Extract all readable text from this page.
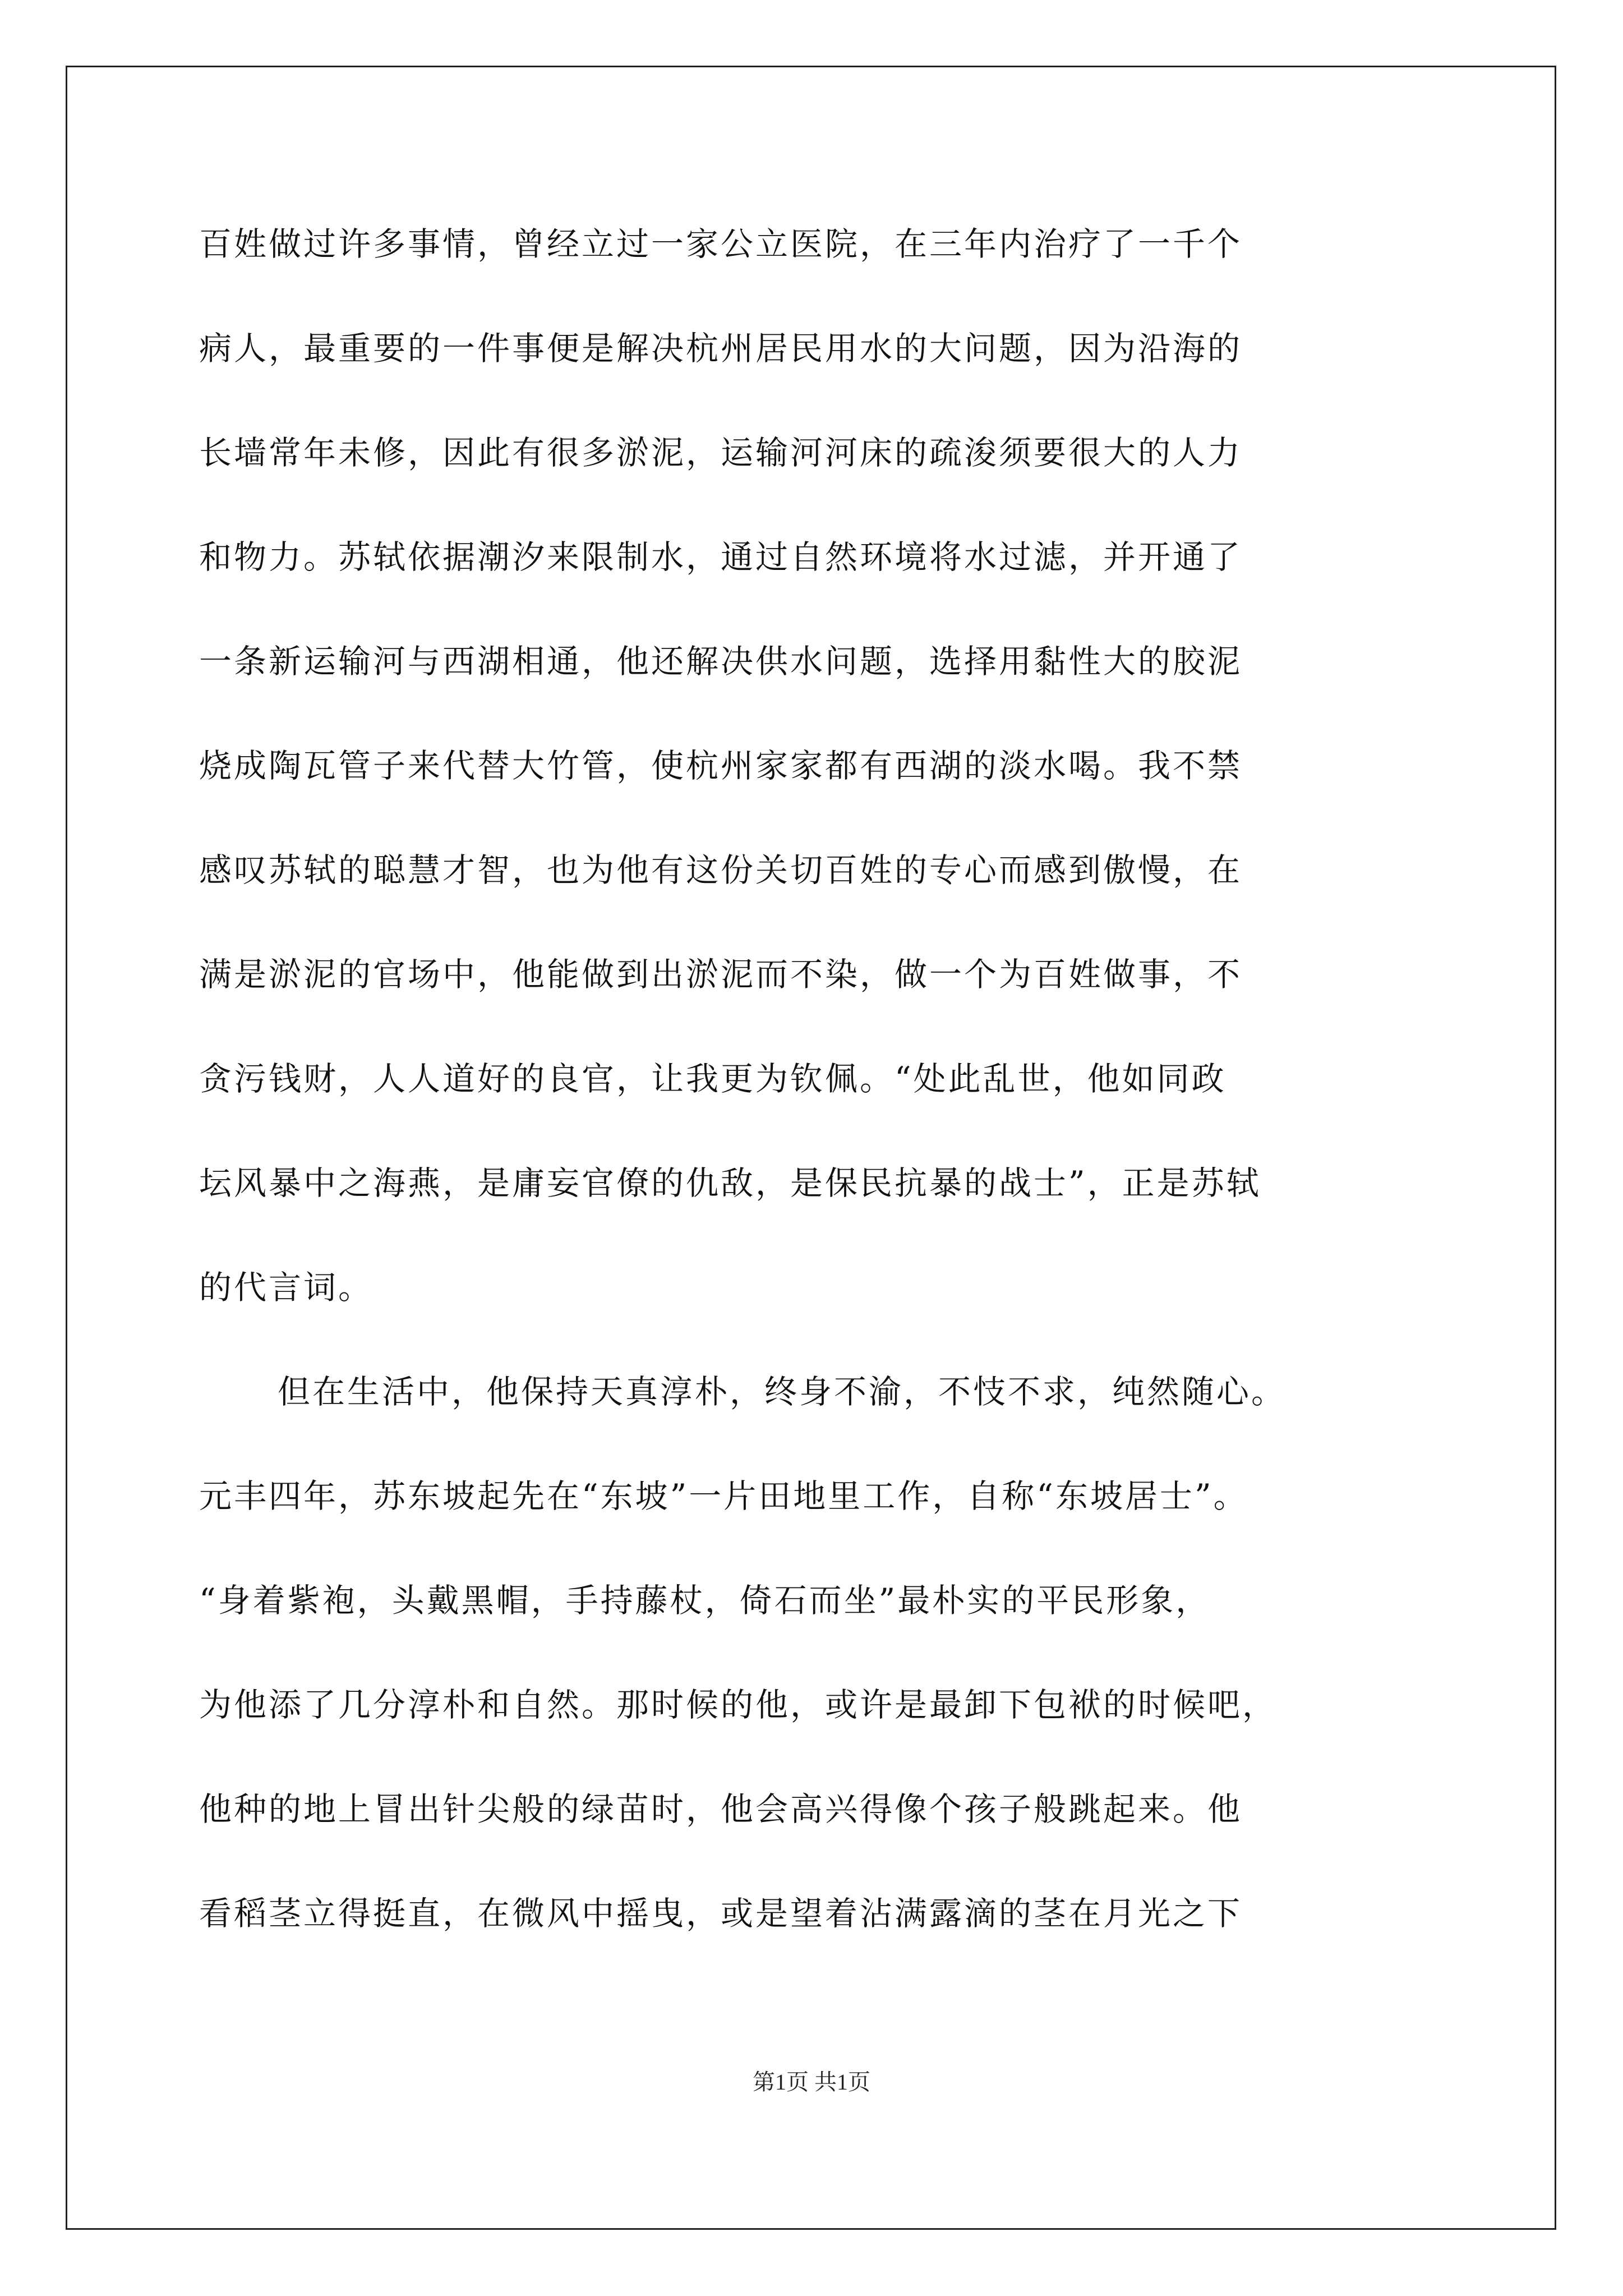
百姓做过许多事情，曾经立过一家公立医院，在三年内治疗了一千个
病人，最重要的一件事便是解决杭州居民用水的大问题，因为沿海的
长墙常年未修，因此有很多淤泥，运输河河床的疏浚须要很大的人力
和物力。苏轼依据潮汐来限制水，通过自然环境将水过滤，并开通了
一条新运输河与西湖相通，他还解决供水问题，选择用黏性大的胶泥
烧成陶瓦管子来代替大竹管，使杭州家家都有西湖的淡水喝。我不禁
感叹苏轼的聪慧才智，也为他有这份关切百姓的专心而感到傲慢，在
满是淤泥的官场中，他能做到出淤泥而不染，做一个为百姓做事，不
贪污钱财，人人道好的良官，让我更为钦佩。“处此乱世，他如同政
坛风暴中之海燕，是庸妄官僚的仇敌，是保民抗暴的战士”，正是苏轼
的代言词。
但在生活中，他保持天真淳朴，终身不渝，不忮不求，纯然随心。
元丰四年，苏东坡起先在“东坡”一片田地里工作，自称“东坡居士”。
“身着紫袍，头戴黑帽，手持藤杖，倚石而坐”最朴实的平民形象，
为他添了几分淳朴和自然。那时候的他，或许是最卸下包袱的时候吧，
他种的地上冒出针尖般的绿苗时，他会高兴得像个孩子般跳起来。他
看稻茎立得挺直，在微风中摇曳，或是望着沾满露滴的茎在月光之下
第1页 共1页
